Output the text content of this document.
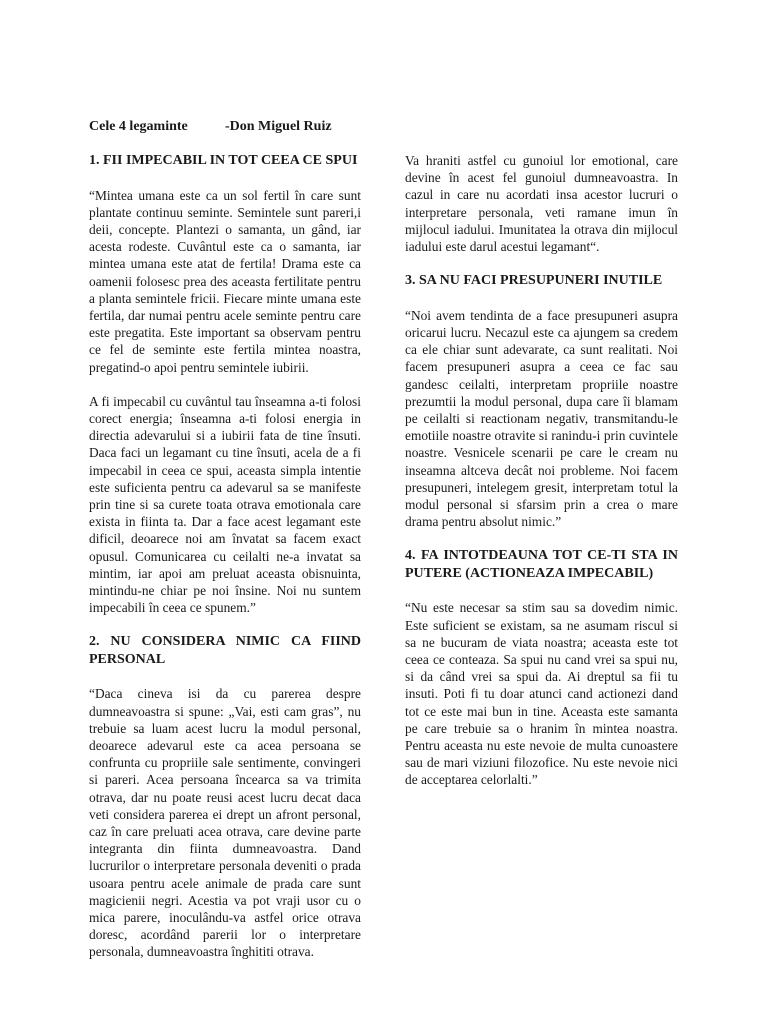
Cele 4 legaminte	-Don Miguel Ruiz
1. FII IMPECABIL IN TOT CEEA CE SPUI

“Mintea umana este ca un sol fertil în care sunt plantate continuu seminte. Semintele sunt pareri,i deii, concepte. Plantezi o samanta, un gând, iar acesta rodeste. Cuvântul este ca o samanta, iar mintea umana este atat de fertila! Drama este ca oamenii folosesc prea des aceasta fertilitate pentru a planta semintele fricii. Fiecare minte umana este fertila, dar numai pentru acele seminte pentru care este pregatita. Este important sa observam pentru ce fel de seminte este fertila mintea noastra, pregatind-o apoi pentru semintele iubirii.

A fi impecabil cu cuvântul tau înseamna a-ti folosi corect energia; înseamna a-ti folosi energia in directia adevarului si a iubirii fata de tine însuti. Daca faci un legamant cu tine însuti, acela de a fi impecabil in ceea ce spui, aceasta simpla intentie este suficienta pentru ca adevarul sa se manifeste prin tine si sa curete toata otrava emotionala care exista in fiinta ta. Dar a face acest legamant este dificil, deoarece noi am învatat sa facem exact opusul. Comunicarea cu ceilalti ne-a invatat sa mintim, iar apoi am preluat aceasta obisnuinta, mintindu-ne chiar pe noi însine. Noi nu suntem impecabili în ceea ce spunem.”

2. NU CONSIDERA NIMIC CA FIIND PERSONAL

“Daca cineva isi da cu parerea despre dumneavoastra si spune: „Vai, esti cam gras”, nu trebuie sa luam acest lucru la modul personal, deoarece adevarul este ca acea persoana se confrunta cu propriile sale sentimente, convingeri si pareri. Acea persoana încearca sa va trimita otrava, dar nu poate reusi acest lucru decat daca veti considera parerea ei drept un afront personal, caz în care preluati acea otrava, care devine parte integranta din fiinta dumneavoastra. Dand lucrurilor o interpretare personala deveniti o prada usoara pentru acele animale de prada care sunt magicienii negri. Acestia va pot vraji usor cu o mica parere, inoculându-va astfel orice otrava doresc, acordând parerii lor o interpretare personala, dumneavoastra înghititi otrava.

Va hraniti astfel cu gunoiul lor emotional, care devine în acest fel gunoiul dumneavoastra. In cazul in care nu acordati insa acestor lucruri o interpretare personala, veti ramane imun în mijlocul iadului. Imunitatea la otrava din mijlocul iadului este darul acestui legamant“.

3. SA NU FACI PRESUPUNERI INUTILE

“Noi avem tendinta de a face presupuneri asupra oricarui lucru. Necazul este ca ajungem sa credem ca ele chiar sunt adevarate, ca sunt realitati. Noi facem presupuneri asupra a ceea ce fac sau gandesc ceilalti, interpretam propriile noastre prezumtii la modul personal, dupa care îi blamam pe ceilalti si reactionam negativ, transmitandu-le emotiile noastre otravite si ranindu-i prin cuvintele noastre. Vesnicele scenarii pe care le cream nu inseamna altceva decât noi probleme. Noi facem presupuneri, intelegem gresit, interpretam totul la modul personal si sfarsim prin a crea o mare drama pentru absolut nimic.”

4. FA INTOTDEAUNA TOT CE-TI STA IN PUTERE (ACTIONEAZA IMPECABIL)

“Nu este necesar sa stim sau sa dovedim nimic. Este suficient se existam, sa ne asumam riscul si sa ne bucuram de viata noastra; aceasta este tot ceea ce conteaza. Sa spui nu cand vrei sa spui nu, si da când vrei sa spui da. Ai dreptul sa fii tu insuti. Poti fi tu doar atunci cand actionezi dand tot ce este mai bun in tine. Aceasta este samanta pe care trebuie sa o hranim în mintea noastra. Pentru aceasta nu este nevoie de multa cunoastere sau de mari viziuni filozofice. Nu este nevoie nici de acceptarea celorlalti.”
